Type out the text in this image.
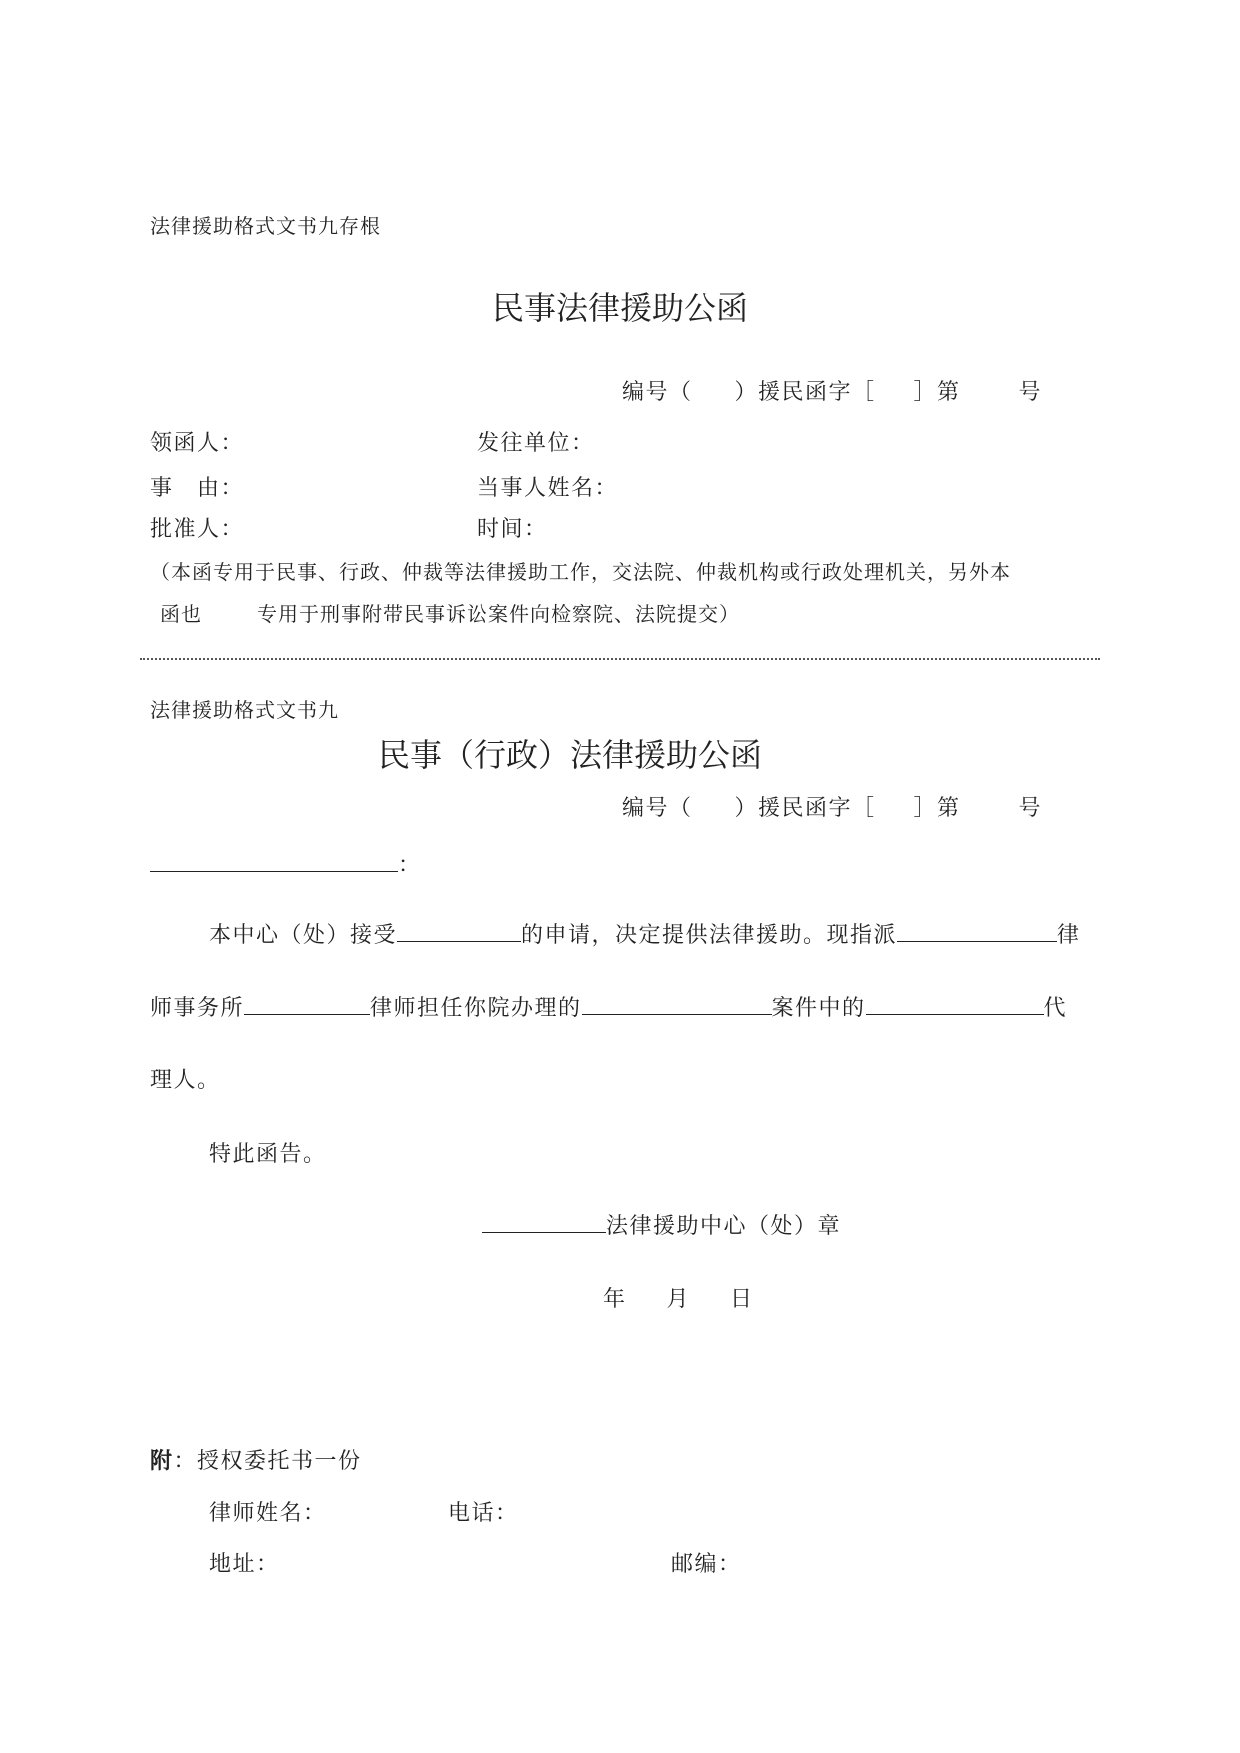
法律援助格式文书九存根
民事法律援助公函
编号（ ）援民函字［ ］第	号
领函人：	发往单位：
事　由：	当事人姓名：
批准人：	时间：
（本函专用于民事、行政、仲裁等法律援助工作，交法院、仲裁机构或行政处理机关，另外本
函也	专用于刑事附带民事诉讼案件向检察院、法院提交）
法律援助格式文书九
民事（行政）法律援助公函
编号（ ）援民函字［ ］第	号
：
本中心（处）接受	的申请，决定提供法律援助。现指派	律
师事务所	律师担任你院办理的	案件中的	代
理人。
特此函告。
法律援助中心（处）章
年 月 日
附：授权委托书一份
律师姓名：	电话：
地址：	邮编：
